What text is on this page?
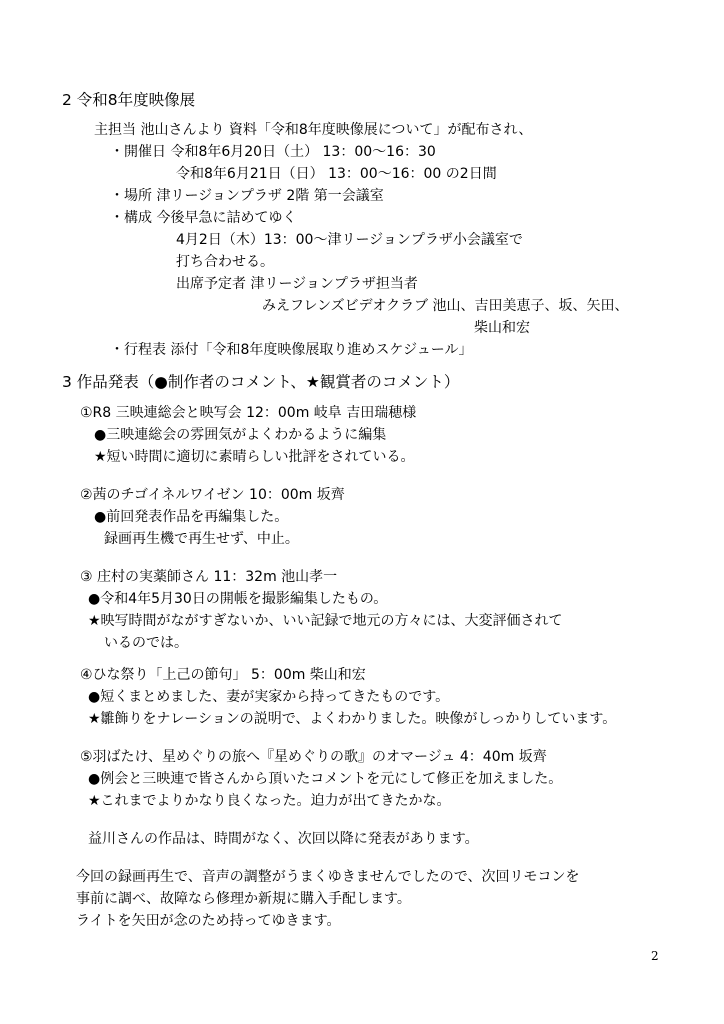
2 令和8年度映像展
主担当 池山さんより 資料「令和8年度映像展について」が配布され、
・開催日 令和8年6月20日（土） 13：00～16：30
令和8年6月21日（日） 13：00～16：00 の2日間
・場所 津リージョンプラザ 2階 第一会議室
・構成 今後早急に詰めてゆく
4月2日（木）13：00～津リージョンプラザ小会議室で
打ち合わせる。
出席予定者 津リージョンプラザ担当者
みえフレンズビデオクラブ 池山、吉田美恵子、坂、矢田、
柴山和宏
・行程表 添付「令和8年度映像展取り進めスケジュール」
3 作品発表（●制作者のコメント、★観賞者のコメント）
①R8 三映連総会と映写会 12：00m 岐阜 吉田瑞穂様
●三映連総会の雰囲気がよくわかるように編集
★短い時間に適切に素晴らしい批評をされている。
②茜のチゴイネルワイゼン 10：00m 坂齊
●前回発表作品を再編集した。
録画再生機で再生せず、中止。
③ 庄村の実薬師さん 11：32m 池山孝一
●令和4年5月30日の開帳を撮影編集したもの。
★映写時間がながすぎないか、いい記録で地元の方々には、大変評価されて
いるのでは。
④ひな祭り「上己の節句」 5：00m 柴山和宏
●短くまとめました、妻が実家から持ってきたものです。
★雛飾りをナレーションの説明で、よくわかりました。映像がしっかりしています。
⑤羽ばたけ、星めぐりの旅へ『星めぐりの歌』のオマージュ 4：40m 坂齊
●例会と三映連で皆さんから頂いたコメントを元にして修正を加えました。
★これまでよりかなり良くなった。迫力が出てきたかな。
益川さんの作品は、時間がなく、次回以降に発表があります。
今回の録画再生で、音声の調整がうまくゆきませんでしたので、次回リモコンを
事前に調べ、故障なら修理か新規に購入手配します。
ライトを矢田が念のため持ってゆきます。
2
